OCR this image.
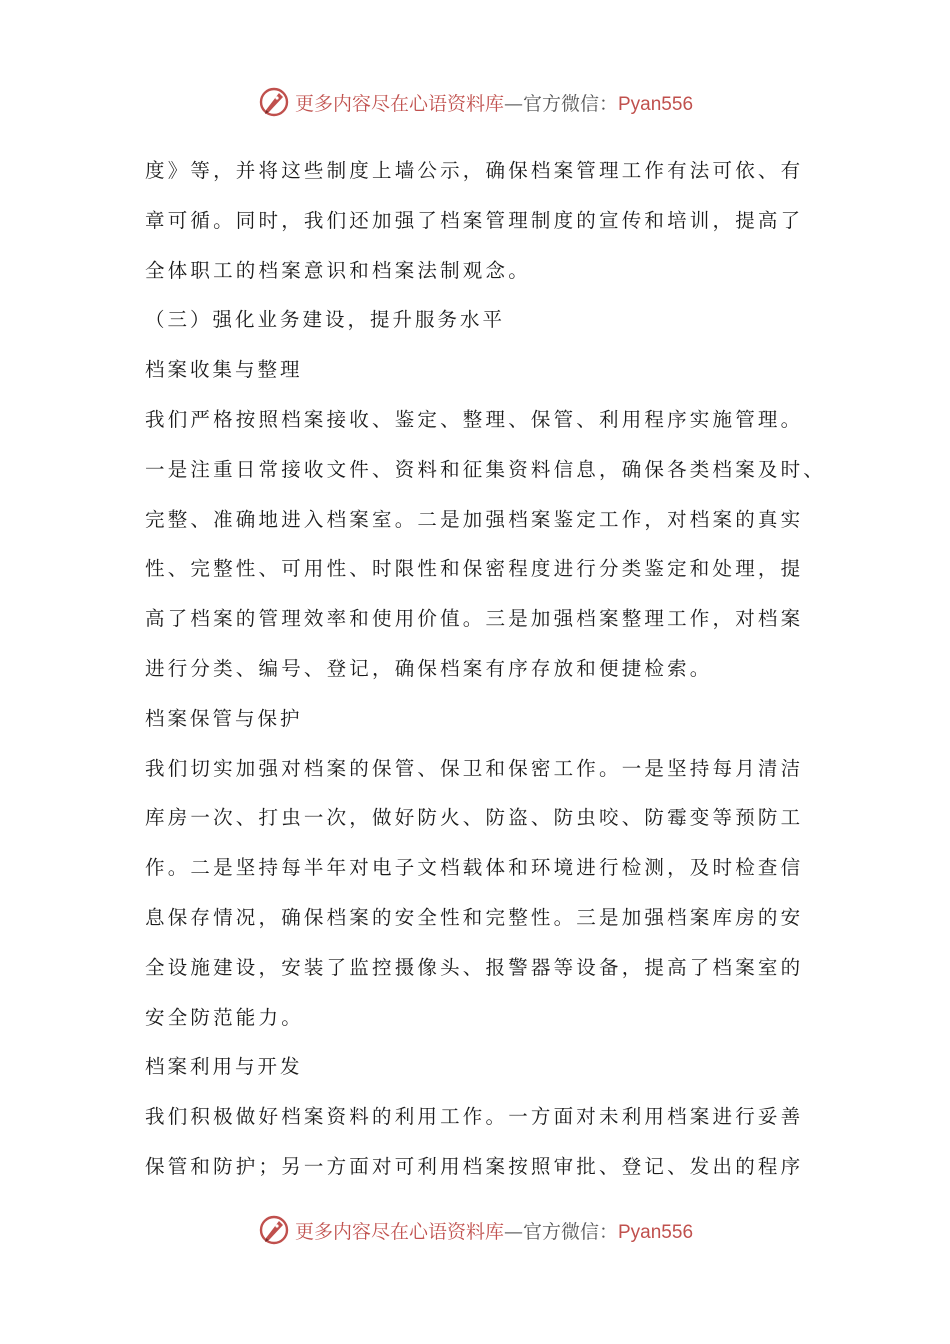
更多内容尽在心语资料库—官方微信：Pyan556
度》等，并将这些制度上墙公示，确保档案管理工作有法可依、有
章可循。同时，我们还加强了档案管理制度的宣传和培训，提高了
全体职工的档案意识和档案法制观念。
（三）强化业务建设，提升服务水平
档案收集与整理
我们严格按照档案接收、鉴定、整理、保管、利用程序实施管理。
一是注重日常接收文件、资料和征集资料信息，确保各类档案及时、
完整、准确地进入档案室。二是加强档案鉴定工作，对档案的真实
性、完整性、可用性、时限性和保密程度进行分类鉴定和处理，提
高了档案的管理效率和使用价值。三是加强档案整理工作，对档案
进行分类、编号、登记，确保档案有序存放和便捷检索。
档案保管与保护
我们切实加强对档案的保管、保卫和保密工作。一是坚持每月清洁
库房一次、打虫一次，做好防火、防盗、防虫咬、防霉变等预防工
作。二是坚持每半年对电子文档载体和环境进行检测，及时检查信
息保存情况，确保档案的安全性和完整性。三是加强档案库房的安
全设施建设，安装了监控摄像头、报警器等设备，提高了档案室的
安全防范能力。
档案利用与开发
我们积极做好档案资料的利用工作。一方面对未利用档案进行妥善
保管和防护；另一方面对可利用档案按照审批、登记、发出的程序
更多内容尽在心语资料库—官方微信：Pyan556
